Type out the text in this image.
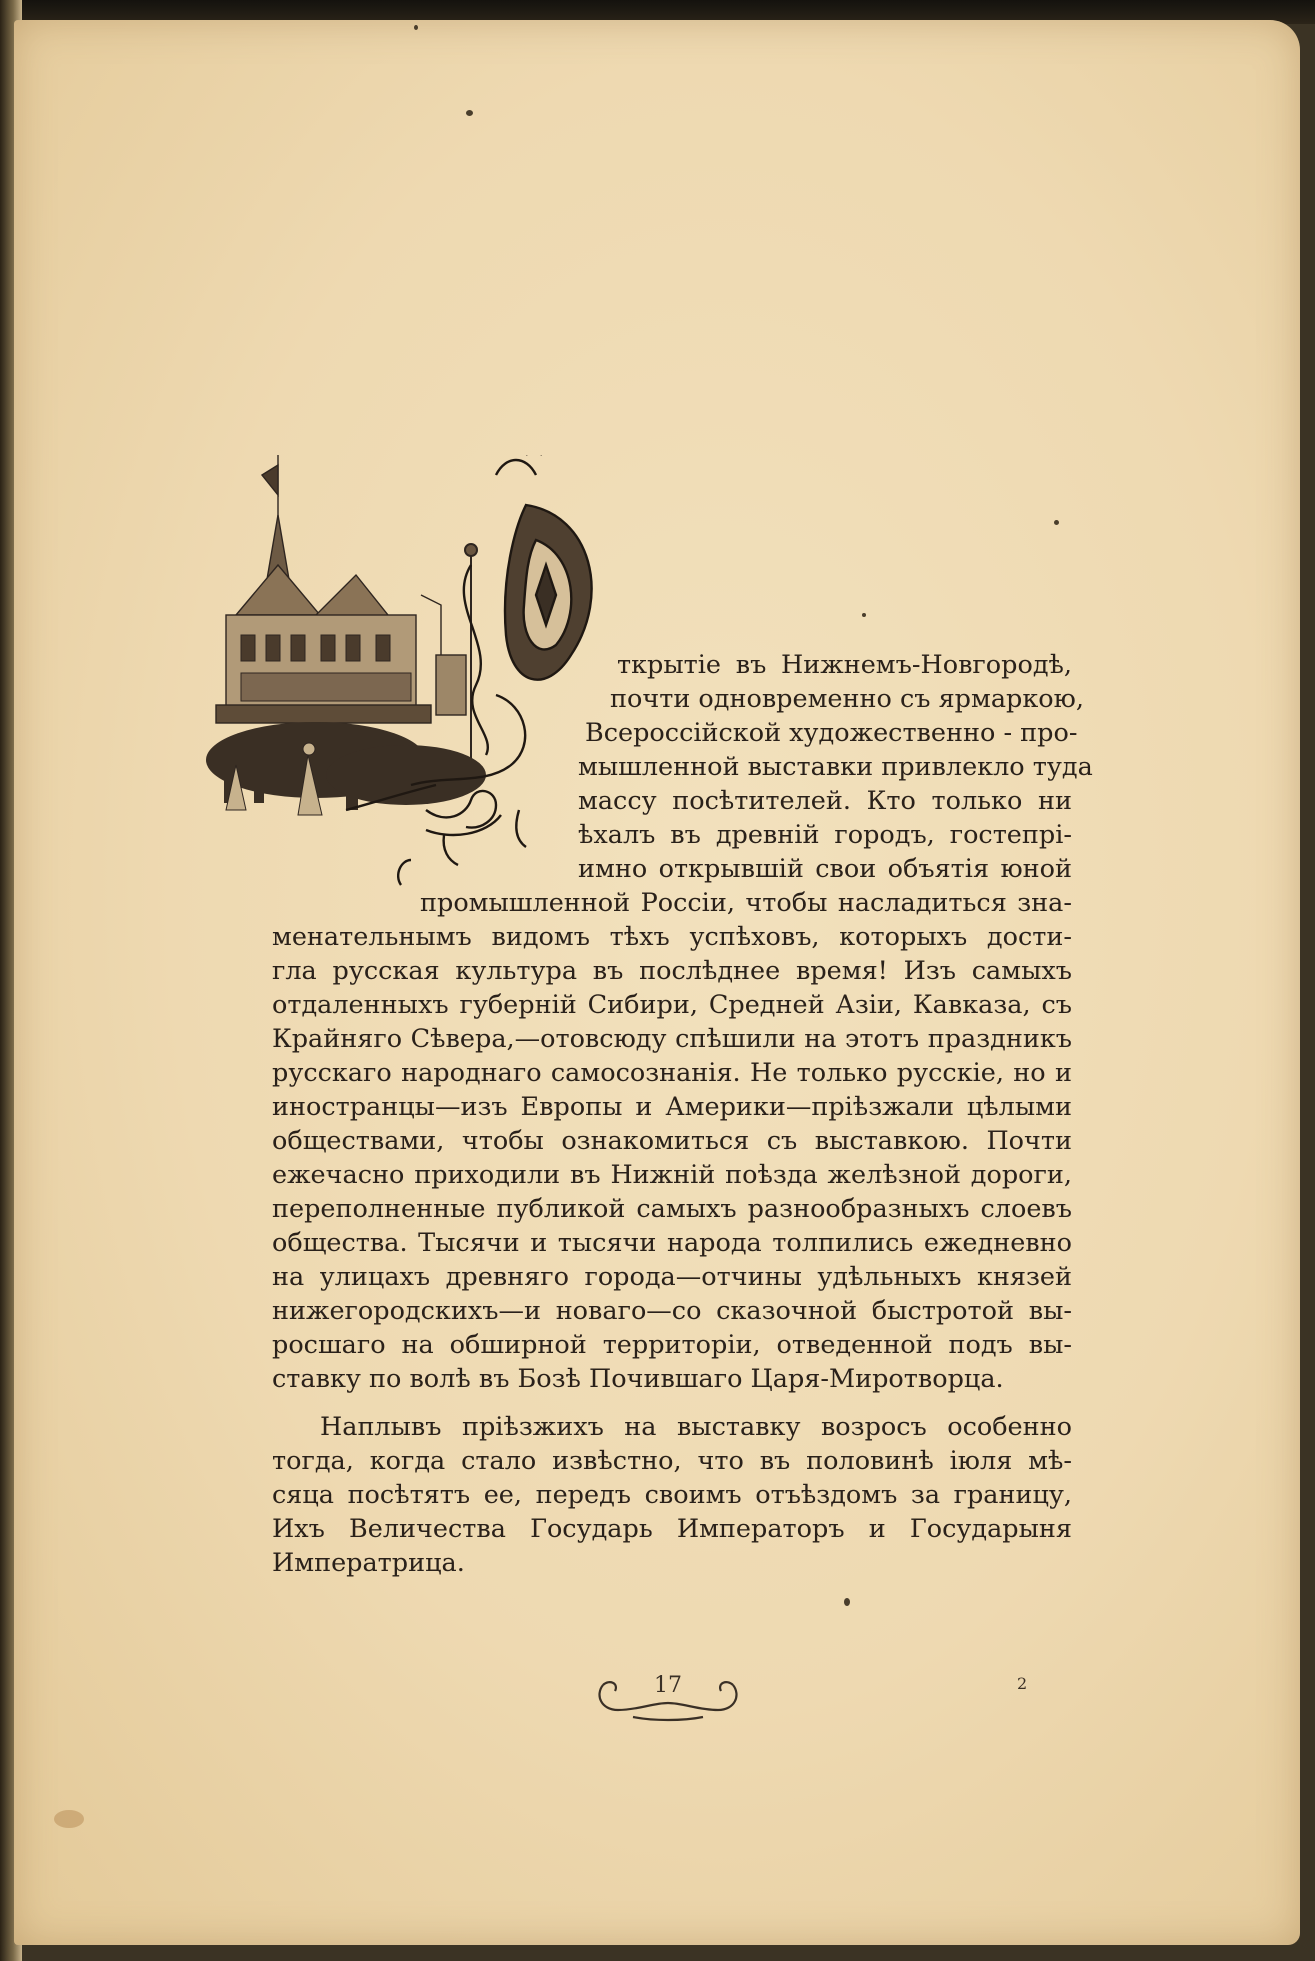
ткрытіе въ Нижнемъ-Новгородѣ,
почти одновременно съ ярмаркою,
Всероссійской художественно - про-
мышленной выставки привлекло туда
массу посѣтителей. Кто только ни
ѣхалъ въ древній городъ, гостепрі-
имно открывшій свои объятія юной
промышленной Россіи, чтобы насладиться зна-
менательнымъ видомъ тѣхъ успѣховъ, которыхъ дости-
гла русская культура въ послѣднее время! Изъ самыхъ
отдаленныхъ губерній Сибири, Средней Азіи, Кавказа, съ
Крайняго Сѣвера,—отовсюду спѣшили на этотъ праздникъ
русскаго народнаго самосознанія. Не только русскіе, но и
иностранцы—изъ Европы и Америки—пріѣзжали цѣлыми
обществами, чтобы ознакомиться съ выставкою. Почти
ежечасно приходили въ Нижній поѣзда желѣзной дороги,
переполненные публикой самыхъ разнообразныхъ слоевъ
общества. Тысячи и тысячи народа толпились ежедневно
на улицахъ древняго города—отчины удѣльныхъ князей
нижегородскихъ—и новаго—со сказочной быстротой вы-
росшаго на обширной территоріи, отведенной подъ вы-
ставку по волѣ въ Бозѣ Почившаго Царя-Миротворца.
Наплывъ пріѣзжихъ на выставку возросъ особенно
тогда, когда стало извѣстно, что въ половинѣ іюля мѣ-
сяца посѣтятъ ее, передъ своимъ отъѣздомъ за границу,
Ихъ Величества Государь Императоръ и Государыня
Императрица.
17	2
